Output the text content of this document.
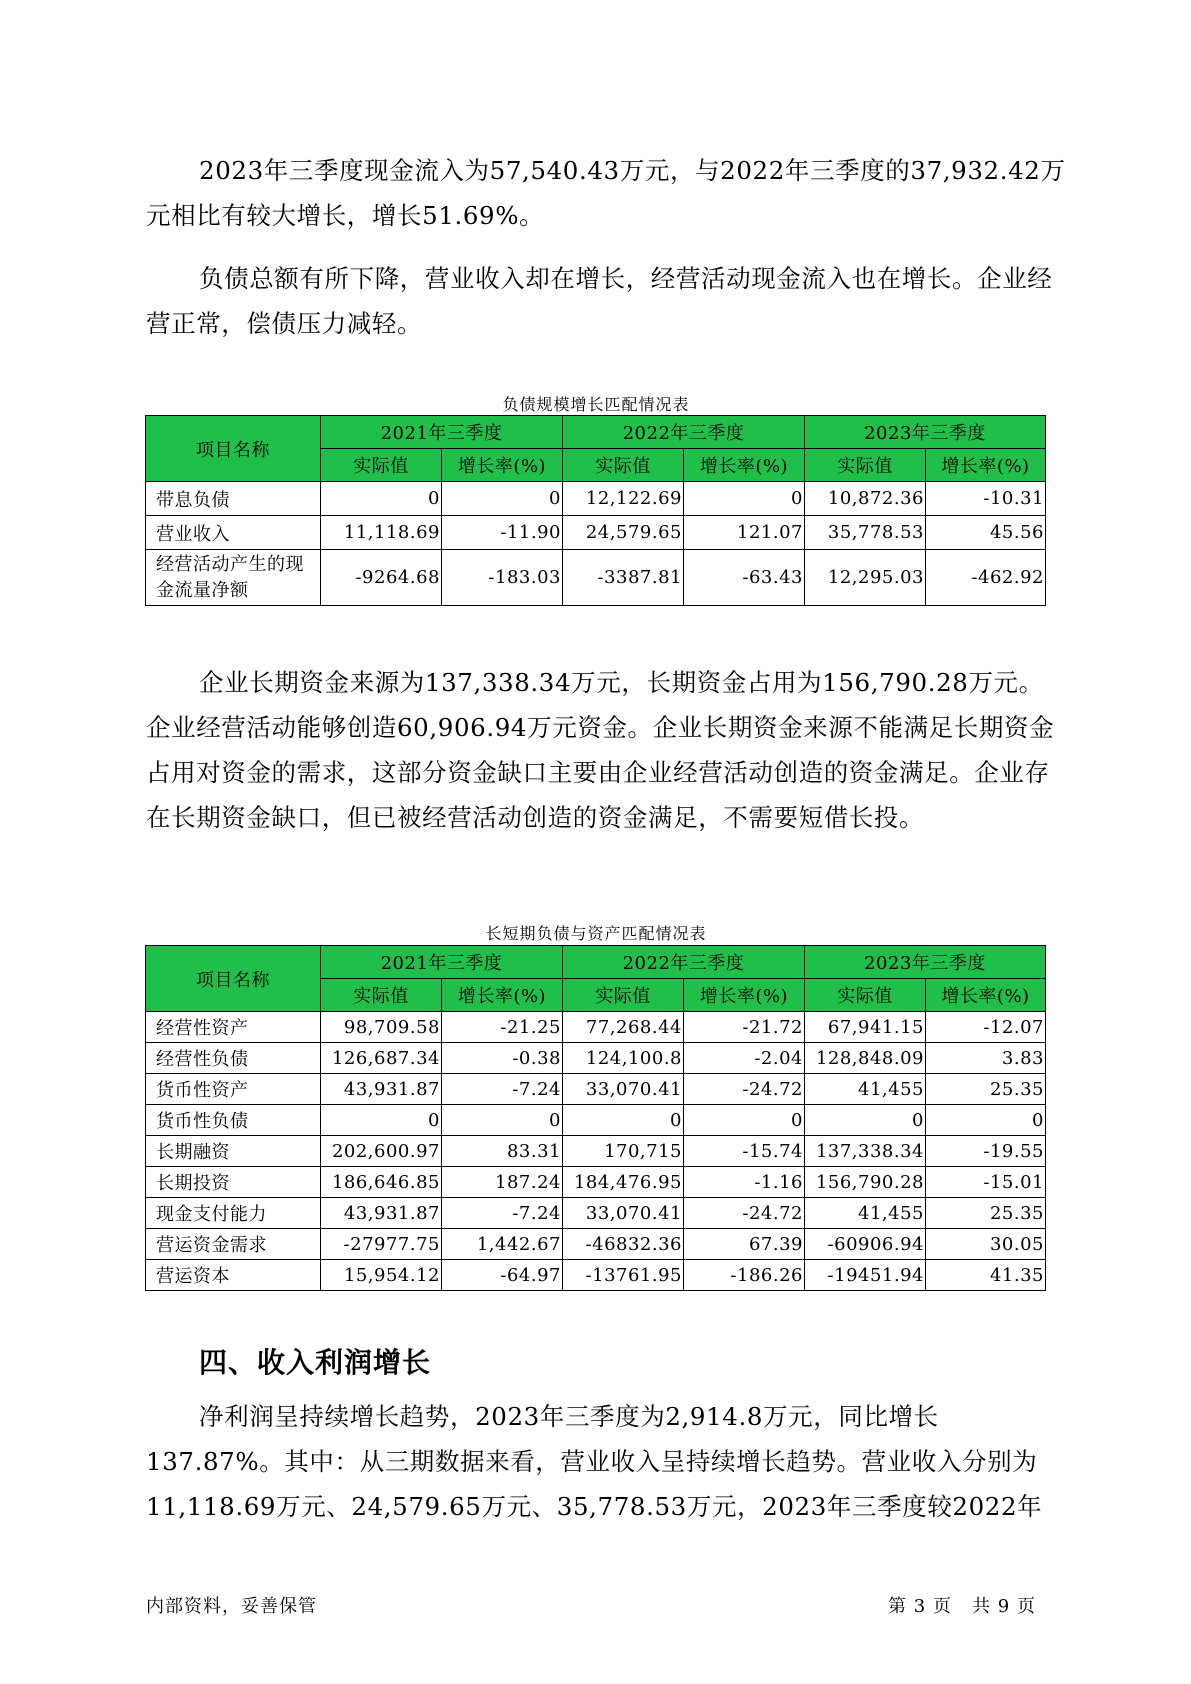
2023年三季度现金流入为57,540.43万元，与2022年三季度的37,932.42万元相比有较大增长，增长51.69%。

负债总额有所下降，营业收入却在增长，经营活动现金流入也在增长。企业经营正常，偿债压力减轻。

负债规模增长匹配情况表

项目名称	2021年三季度		2022年三季度		2023年三季度	
	实际值	增长率(%)	实际值	增长率(%)	实际值	增长率(%)
带息负债	0	0	12,122.69	0	10,872.36	-10.31
营业收入	11,118.69	-11.90	24,579.65	121.07	35,778.53	45.56
经营活动产生的现金流量净额	-9264.68	-183.03	-3387.81	-63.43	12,295.03	-462.92

企业长期资金来源为137,338.34万元，长期资金占用为156,790.28万元。企业经营活动能够创造60,906.94万元资金。企业长期资金来源不能满足长期资金占用对资金的需求，这部分资金缺口主要由企业经营活动创造的资金满足。企业存在长期资金缺口，但已被经营活动创造的资金满足，不需要短借长投。

长短期负债与资产匹配情况表

项目名称	2021年三季度		2022年三季度		2023年三季度	
	实际值	增长率(%)	实际值	增长率(%)	实际值	增长率(%)
经营性资产	98,709.58	-21.25	77,268.44	-21.72	67,941.15	-12.07
经营性负债	126,687.34	-0.38	124,100.8	-2.04	128,848.09	3.83
货币性资产	43,931.87	-7.24	33,070.41	-24.72	41,455	25.35
货币性负债	0	0	0	0	0	0
长期融资	202,600.97	83.31	170,715	-15.74	137,338.34	-19.55
长期投资	186,646.85	187.24	184,476.95	-1.16	156,790.28	-15.01
现金支付能力	43,931.87	-7.24	33,070.41	-24.72	41,455	25.35
营运资金需求	-27977.75	1,442.67	-46832.36	67.39	-60906.94	30.05
营运资本	15,954.12	-64.97	-13761.95	-186.26	-19451.94	41.35
四、收入利润增长

净利润呈持续增长趋势，2023年三季度为2,914.8万元，同比增长137.87%。其中：从三期数据来看，营业收入呈持续增长趋势。营业收入分别为11,118.69万元、24,579.65万元、35,778.53万元，2023年三季度较2022年

内部资料，妥善保管	第 3 页   共 9 页
